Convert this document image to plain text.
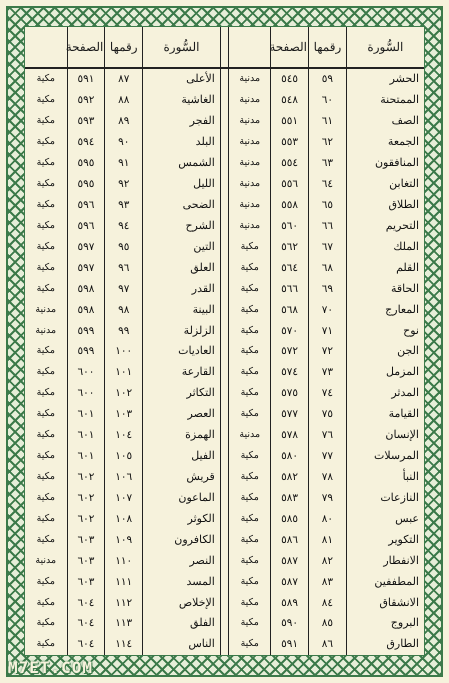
السُّورة	رقمها	الصفحة			السُّورة	رقمها	الصفحة	
الحشر	٥٩	٥٤٥	مدنية		الأعلى	٨٧	٥٩١	مكية
الممتحنة	٦٠	٥٤٨	مدنية		الغاشية	٨٨	٥٩٢	مكية
الصف	٦١	٥٥١	مدنية		الفجر	٨٩	٥٩٣	مكية
الجمعة	٦٢	٥٥٣	مدنية		البلد	٩٠	٥٩٤	مكية
المنافقون	٦٣	٥٥٤	مدنية		الشمس	٩١	٥٩٥	مكية
التغابن	٦٤	٥٥٦	مدنية		الليل	٩٢	٥٩٥	مكية
الطلاق	٦٥	٥٥٨	مدنية		الضحى	٩٣	٥٩٦	مكية
التحريم	٦٦	٥٦٠	مدنية		الشرح	٩٤	٥٩٦	مكية
الملك	٦٧	٥٦٢	مكية		التين	٩٥	٥٩٧	مكية
القلم	٦٨	٥٦٤	مكية		العلق	٩٦	٥٩٧	مكية
الحاقة	٦٩	٥٦٦	مكية		القدر	٩٧	٥٩٨	مكية
المعارج	٧٠	٥٦٨	مكية		البينة	٩٨	٥٩٨	مدنية
نوح	٧١	٥٧٠	مكية		الزلزلة	٩٩	٥٩٩	مدنية
الجن	٧٢	٥٧٢	مكية		العاديات	١٠٠	٥٩٩	مكية
المزمل	٧٣	٥٧٤	مكية		القارعة	١٠١	٦٠٠	مكية
المدثر	٧٤	٥٧٥	مكية		التكاثر	١٠٢	٦٠٠	مكية
القيامة	٧٥	٥٧٧	مكية		العصر	١٠٣	٦٠١	مكية
الإنسان	٧٦	٥٧٨	مدنية		الهمزة	١٠٤	٦٠١	مكية
المرسلات	٧٧	٥٨٠	مكية		الفيل	١٠٥	٦٠١	مكية
النبأ	٧٨	٥٨٢	مكية		قريش	١٠٦	٦٠٢	مكية
النازعات	٧٩	٥٨٣	مكية		الماعون	١٠٧	٦٠٢	مكية
عبس	٨٠	٥٨٥	مكية		الكوثر	١٠٨	٦٠٢	مكية
التكوير	٨١	٥٨٦	مكية		الكافرون	١٠٩	٦٠٣	مكية
الانفطار	٨٢	٥٨٧	مكية		النصر	١١٠	٦٠٣	مدنية
المطففين	٨٣	٥٨٧	مكية		المسد	١١١	٦٠٣	مكية
الانشقاق	٨٤	٥٨٩	مكية		الإخلاص	١١٢	٦٠٤	مكية
البروج	٨٥	٥٩٠	مكية		الفلق	١١٣	٦٠٤	مكية
الطارق	٨٦	٥٩١	مكية		الناس	١١٤	٦٠٤	مكية
M7ET.COM
